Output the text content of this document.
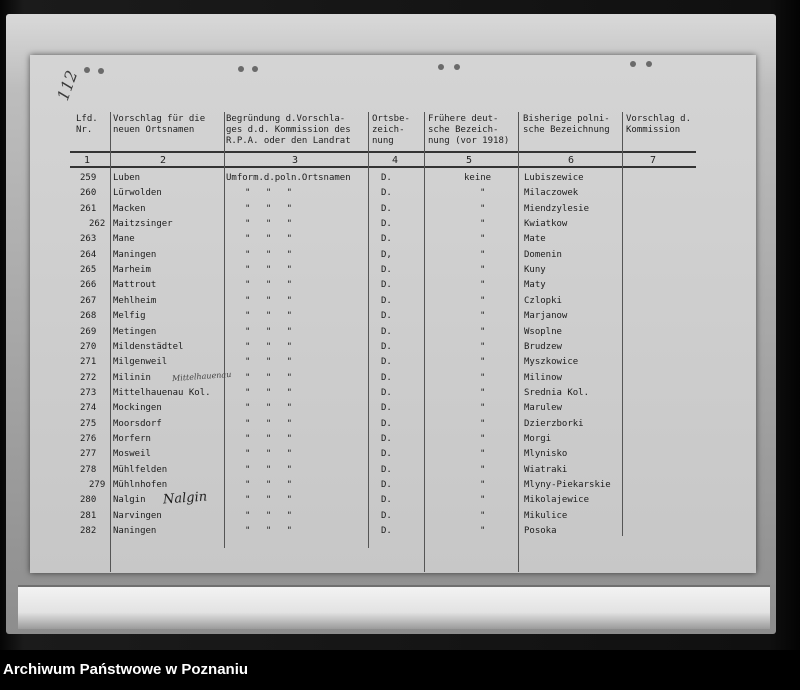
112
Lfd.
Nr.
Vorschlag für die
neuen Ortsnamen
Begründung d.Vorschla-
ges d.d. Kommission des
R.P.A. oder den Landrat
Ortsbe-
zeich-
nung
Frühere deut-
sche Bezeich-
nung (vor 1918)
Bisherige polni-
sche Bezeichnung
Vorschlag d.
Kommission
1	2	3	4	5	6	7
259 Luben	Umform.d.poln.Ortsnamen	D.	keine	Lubiszewice
260 Lürwolden	" " "	D.	"	Milaczowek
261 Macken	" " "	D.	"	Miendzylesie
262 Maitzsinger	" " "	D.	"	Kwiatkow
263 Mane	" " "	D.	"	Mate
264 Maningen	" " "	D,	"	Domenin
265 Marheim	" " "	D.	"	Kuny
266 Mattrout	" " "	D.	"	Maty
267 Mehlheim	" " "	D.	"	Czlopki
268 Melfig	" " "	D.	"	Marjanow
269 Metingen	" " "	D.	"	Wsoplne
270 Mildenstädtel	" " "	D.	"	Brudzew
271 Milgenweil	" " "	D.	"	Myszkowice
272 Milinin	" " "	D.	"	Milinow
273 Mittelhauenau Kol.	" " "	D.	"	Srednia Kol.
274 Mockingen	" " "	D.	"	Marulew
275 Moorsdorf	" " "	D.	"	Dzierzborki
276 Morfern	" " "	D.	"	Morgi
277 Mosweil	" " "	D.	"	Mlynisko
278 Mühlfelden	" " "	D.	"	Wiatraki
279 Mühlnhofen	" " "	D.	"	Mlyny-Piekarskie
280 Nalgin	" " "	D.	"	Mikolajewice
281 Narvingen	" " "	D.	"	Mikulice
282 Naningen	" " "	D.	"	Posoka
Nalgin
Mittelhauenau
Archiwum Państwowe w Poznaniu
